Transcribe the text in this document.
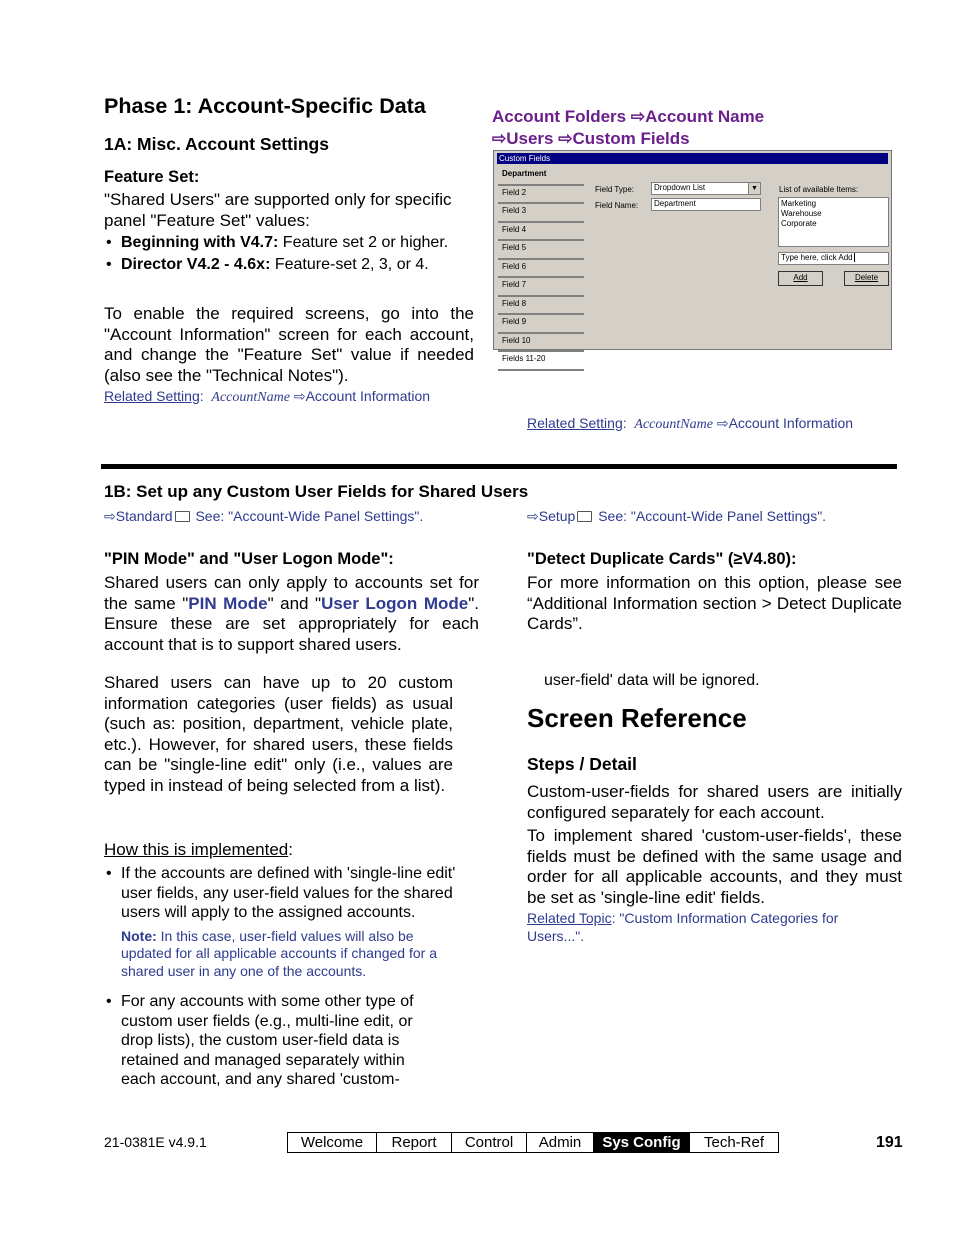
Phase 1: Account-Specific Data
1A: Misc. Account Settings
Feature Set:

"Shared Users" are supported only for specific panel "Feature Set" values:

• Beginning with V4.7: Feature set 2 or higher.
• Director V4.2 - 4.6x: Feature-set 2, 3, or 4.

To enable the required screens, go into the "Account Information" screen for each account, and change the "Feature Set" value if needed (also see the "Technical Notes").

Related Setting:  AccountName ⇨Account Information
Account Folders ⇨Account Name
⇨Users ⇨Custom Fields
Custom Fields
Department
Field 2
Field 3
Field 4
Field 5
Field 6
Field 7
Field 8
Field 9
Field 10
Fields 11-20
Field Type:	Dropdown List	▼
Field Name:	Department
List of available Items:
Marketing
Warehouse
Corporate
Type here, click Add
Add	Delete
Related Setting:  AccountName ⇨Account Information
1B: Set up any Custom User Fields for Shared Users
⇨Standard See: "Account-Wide Panel Settings".	⇨Setup See: "Account-Wide Panel Settings".
"PIN Mode" and "User Logon Mode":

Shared users can only apply to accounts set for the same "PIN Mode" and "User Logon Mode". Ensure these are set appropriately for each account that is to support shared users.

Shared users can have up to 20 custom information categories (user fields) as usual (such as: position, department, vehicle plate, etc.). However, for shared users, these fields can be "single-line edit" only (i.e., values are typed in instead of being selected from a list).

How this is implemented:
• If the accounts are defined with 'single-line edit' user fields, any user-field values for the shared users will apply to the assigned accounts.
Note: In this case, user-field values will also be updated for all applicable accounts if changed for a shared user in any one of the accounts.
• For any accounts with some other type of custom user fields (e.g., multi-line edit, or drop lists), the custom user-field data is retained and managed separately within each account, and any shared 'custom-
"Detect Duplicate Cards" (≥V4.80):

For more information on this option, please see “Additional Information section > Detect Duplicate Cards”.

user-field' data will be ignored.
Screen Reference
Steps / Detail

Custom-user-fields for shared users are initially configured separately for each account.

To implement shared 'custom-user-fields', these fields must be defined with the same usage and order for all applicable accounts, and they must be set as 'single-line edit' fields.

Related Topic: "Custom Information Categories for Users...".
21-0381E v4.9.1	Welcome	Report	Control	Admin	Sys Config	Tech-Ref	191
